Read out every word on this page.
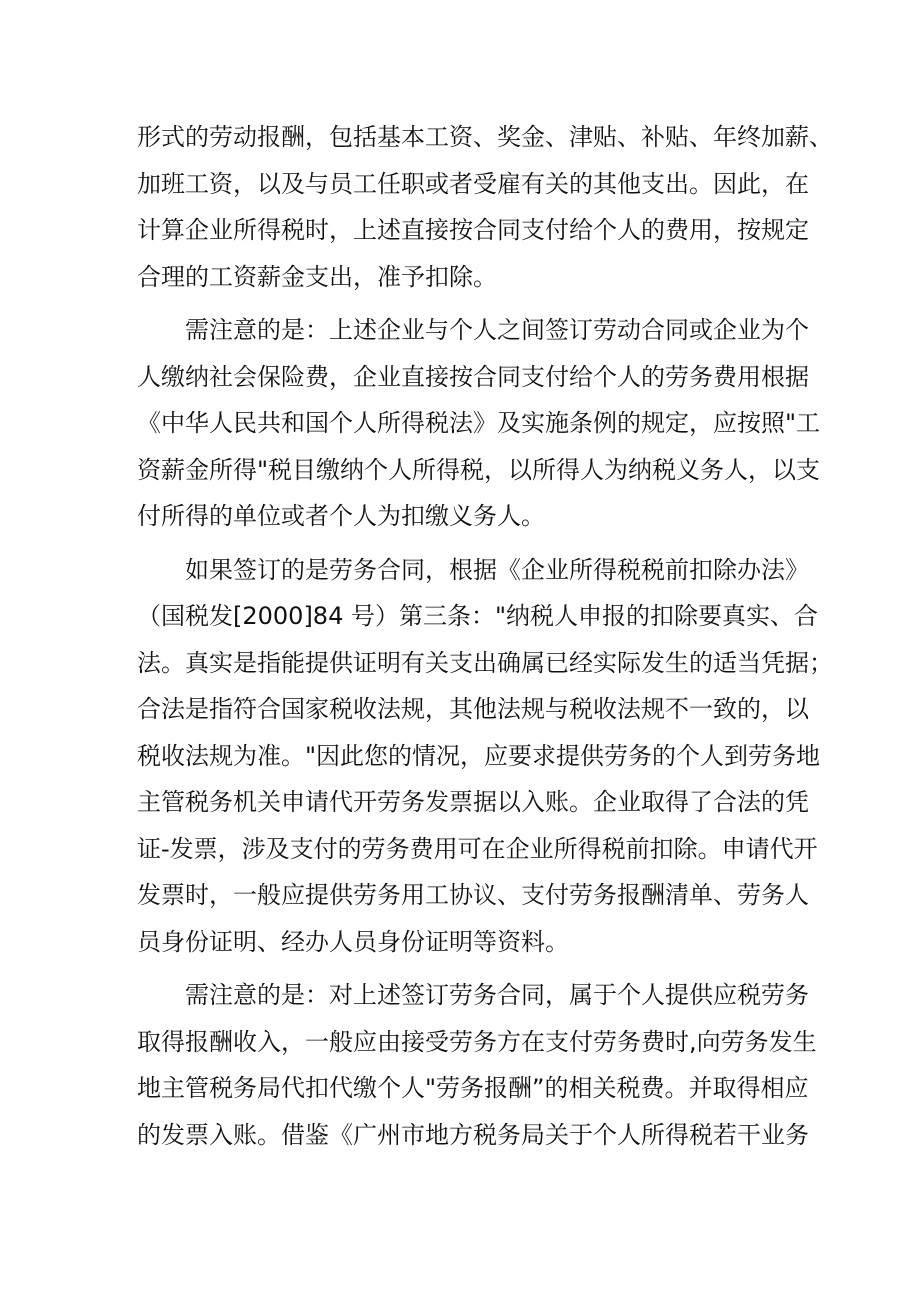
形式的劳动报酬，包括基本工资、奖金、津贴、补贴、年终加薪、
加班工资，以及与员工任职或者受雇有关的其他支出。因此，在
计算企业所得税时，上述直接按合同支付给个人的费用，按规定
合理的工资薪金支出，准予扣除。
需注意的是：上述企业与个人之间签订劳动合同或企业为个
人缴纳社会保险费，企业直接按合同支付给个人的劳务费用根据
《中华人民共和国个人所得税法》及实施条例的规定，应按照"工
资薪金所得"税目缴纳个人所得税，以所得人为纳税义务人，以支
付所得的单位或者个人为扣缴义务人。
如果签订的是劳务合同，根据《企业所得税税前扣除办法》
（国税发[2000]84 号）第三条："纳税人申报的扣除要真实、合
法。真实是指能提供证明有关支出确属已经实际发生的适当凭据；
合法是指符合国家税收法规，其他法规与税收法规不一致的，以
税收法规为准。"因此您的情况，应要求提供劳务的个人到劳务地
主管税务机关申请代开劳务发票据以入账。企业取得了合法的凭
证-发票，涉及支付的劳务费用可在企业所得税前扣除。申请代开
发票时，一般应提供劳务用工协议、支付劳务报酬清单、劳务人
员身份证明、经办人员身份证明等资料。
需注意的是：对上述签订劳务合同，属于个人提供应税劳务
取得报酬收入，一般应由接受劳务方在支付劳务费时,向劳务发生
地主管税务局代扣代缴个人"劳务报酬”的相关税费。并取得相应
的发票入账。借鉴《广州市地方税务局关于个人所得税若干业务
